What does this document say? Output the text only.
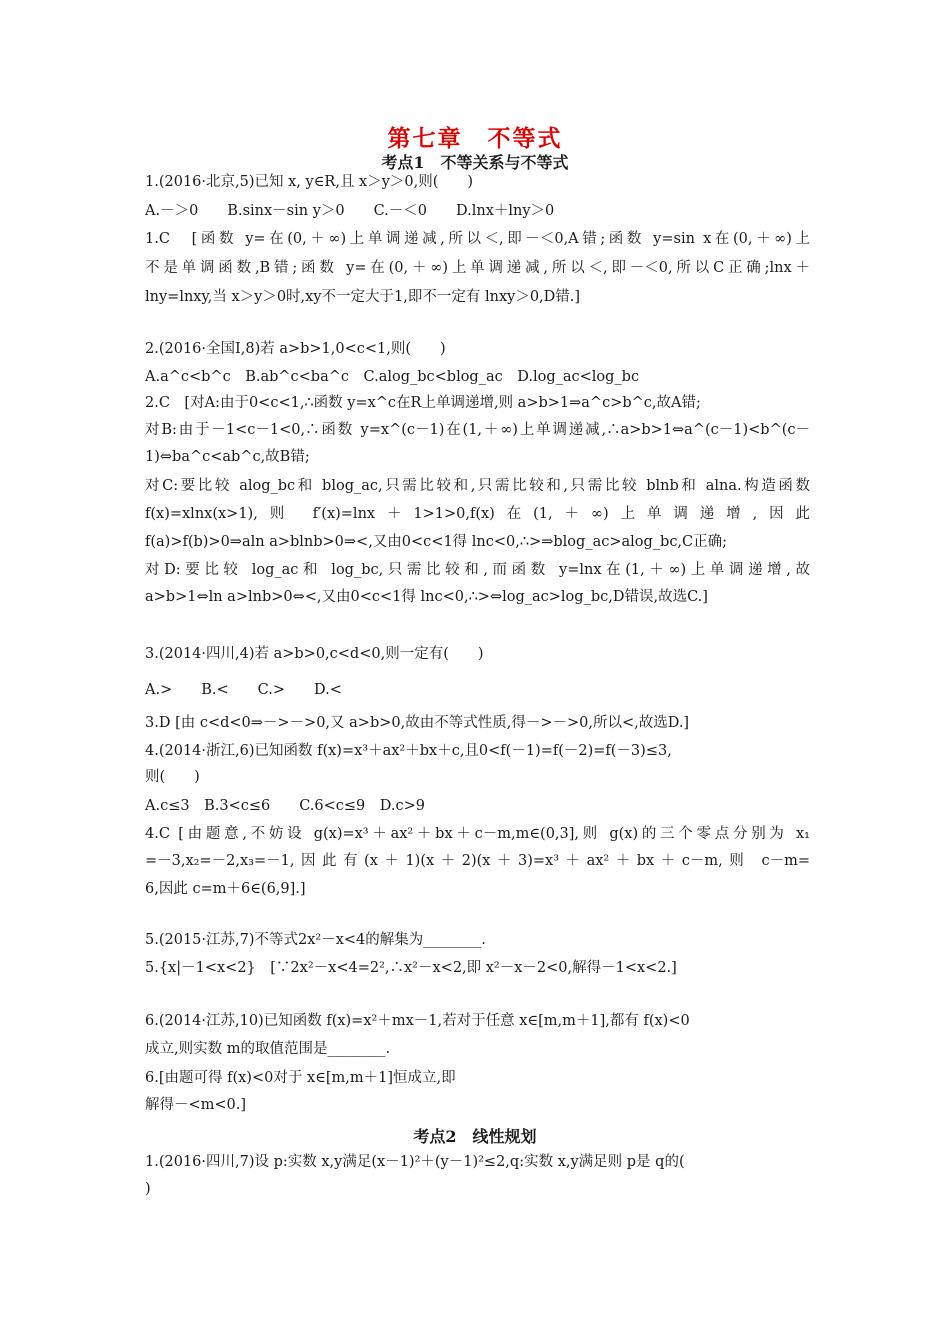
第七章　不等式
考点1　不等关系与不等式
1.(2016·北京,5)已知 x, y∈R,且 x＞y＞0,则(　　)
A.－＞0　　B.sinx－sin y＞0　　C.－＜0　　D.lnx＋lny＞0
1.C　[函数 y=在(0,＋∞)上单调递减,所以＜,即－＜0,A错;函数 y=sin x在(0,＋∞)上
不是单调函数,B错;函数 y=在(0,＋∞)上单调递减,所以＜,即－＜0,所以C正确;lnx＋
lny=lnxy,当 x＞y＞0时,xy不一定大于1,即不一定有 lnxy＞0,D错.]
2.(2016·全国Ⅰ,8)若 a>b>1,0<c<1,则(　　)
A.a^c<b^c　B.ab^c<ba^c　C.alog_bc<blog_ac　D.log_ac<log_bc
2.C　[对A:由于0<c<1,∴函数 y=x^c在R上单调递增,则 a>b>1⇒a^c>b^c,故A错;
对B:由于－1<c－1<0,∴函数 y=x^(c－1)在(1,＋∞)上单调递减,∴a>b>1⇔a^(c－1)<b^(c－
1)⇔ba^c<ab^c,故B错;
对C:要比较 alog_bc和 blog_ac,只需比较和,只需比较和,只需比较 blnb和 alna.构造函数
f(x)=xlnx(x>1),则 f′(x)=lnx＋1>1>0,f(x)在(1,＋∞)上单调递增,因此
f(a)>f(b)>0⇒aln a>blnb>0⇒<,又由0<c<1得 lnc<0,∴>⇒blog_ac>alog_bc,C正确;
对D:要比较 log_ac和 log_bc,只需比较和,而函数 y=lnx在(1,＋∞)上单调递增,故
a>b>1⇔ln a>lnb>0⇔<,又由0<c<1得 lnc<0,∴>⇔log_ac>log_bc,D错误,故选C.]
3.(2014·四川,4)若 a>b>0,c<d<0,则一定有(　　)
A.>　　B.<　　C.>　　D.<
3.D [由 c<d<0⇒－>－>0,又 a>b>0,故由不等式性质,得－>－>0,所以<,故选D.]
4.(2014·浙江,6)已知函数 f(x)=x³＋ax²＋bx＋c,且0<f(－1)=f(－2)=f(－3)≤3,
则(　　)
A.c≤3　B.3<c≤6　　C.6<c≤9　D.c>9
4.C [由题意,不妨设 g(x)=x³＋ax²＋bx＋c－m,m∈(0,3],则 g(x)的三个零点分别为 x₁
=－3,x₂=－2,x₃=－1,因此有(x＋1)(x＋2)(x＋3)=x³＋ax²＋bx＋c－m,则 c－m=
6,因此 c=m＋6∈(6,9].]
5.(2015·江苏,7)不等式2x²－x<4的解集为________.
5.{x|－1<x<2}　[∵2x²－x<4=2²,∴x²－x<2,即 x²－x－2<0,解得－1<x<2.]
6.(2014·江苏,10)已知函数 f(x)=x²＋mx－1,若对于任意 x∈[m,m＋1],都有 f(x)<0
成立,则实数 m的取值范围是________.
6.[由题可得 f(x)<0对于 x∈[m,m＋1]恒成立,即
解得－<m<0.]
考点2　线性规划
1.(2016·四川,7)设 p:实数 x,y满足(x－1)²＋(y－1)²≤2,q:实数 x,y满足则 p是 q的(
)
